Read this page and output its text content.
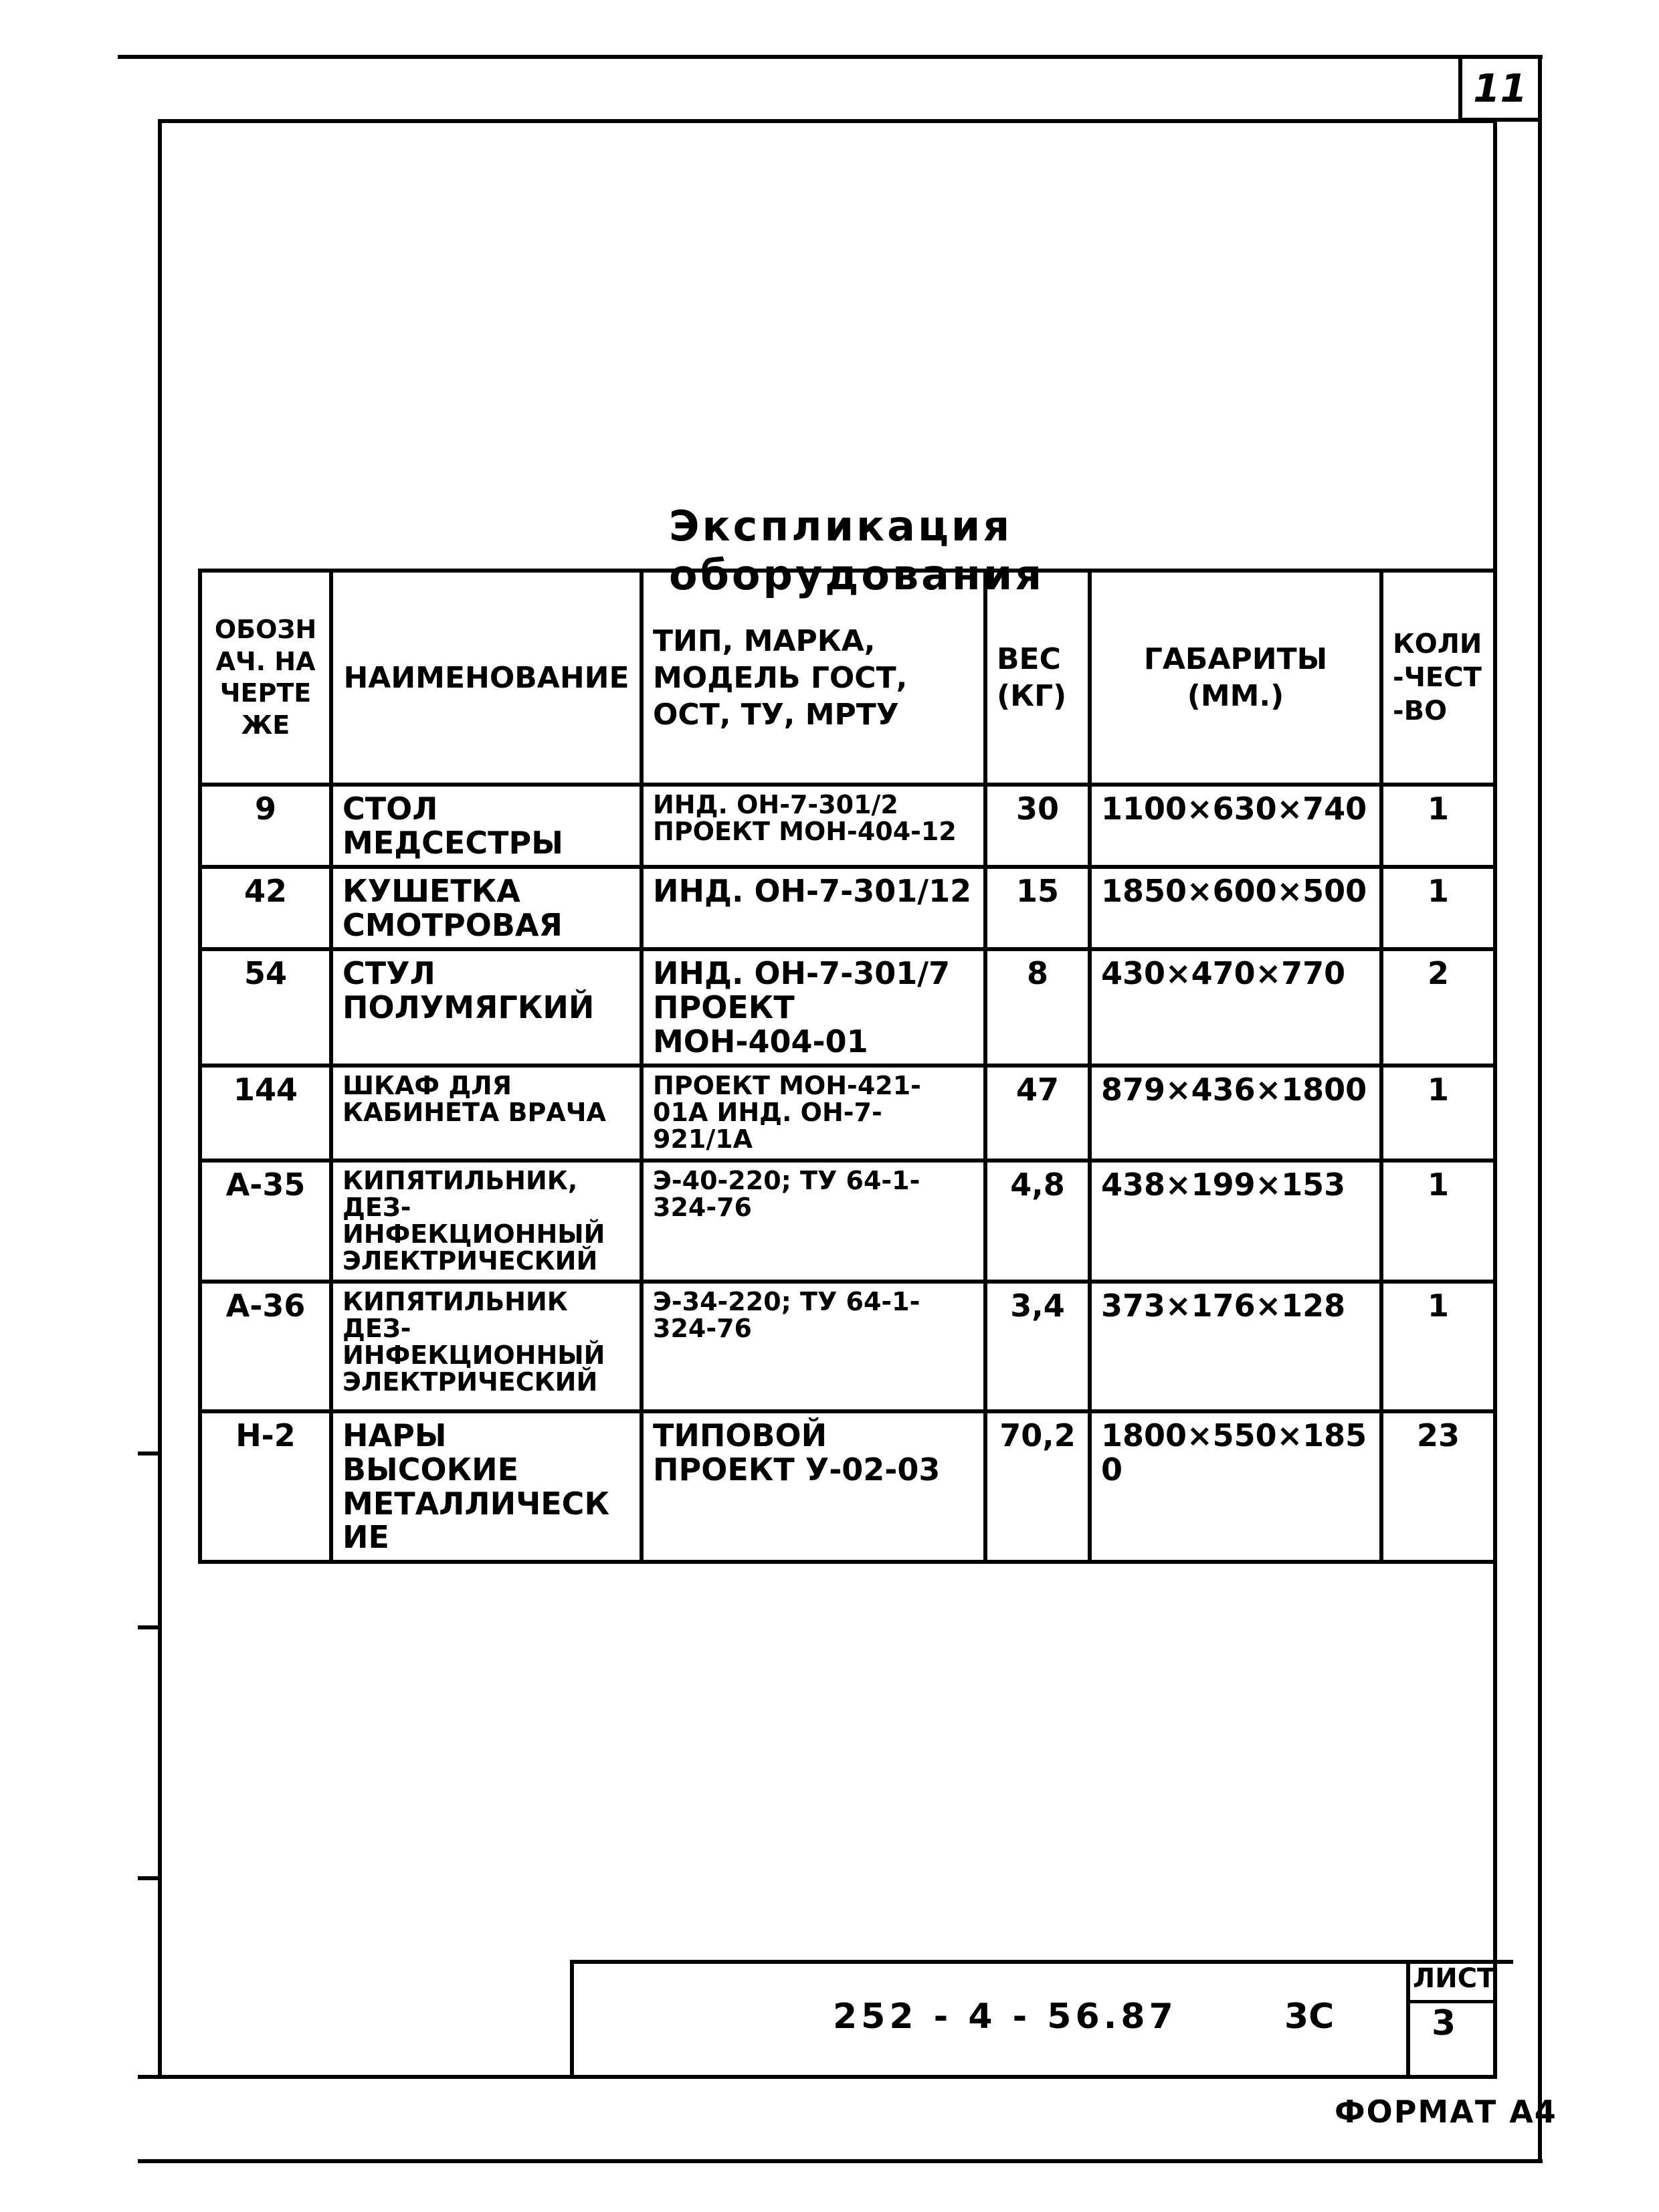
11
Экспликация оборудования
ОБОЗНАЧ. НА ЧЕРТЕЖЕ	НАИМЕНОВАНИЕ	ТИП, МАРКА, МОДЕЛЬ ГОСТ, ОСТ, ТУ, МРТУ	ВЕС (КГ)	ГАБАРИТЫ (ММ.)	КОЛИ-ЧЕСТ-ВО
9	СТОЛ МЕДСЕСТРЫ	ИНД. ОН-7-301/2 ПРОЕКТ МОН-404-12	30	1100×630×740	1
42	КУШЕТКА СМОТРОВАЯ	ИНД. ОН-7-301/12	15	1850×600×500	1
54	СТУЛ ПОЛУМЯГКИЙ	ИНД. ОН-7-301/7 ПРОЕКТ МОН-404-01	8	430×470×770	2
144	ШКАФ ДЛЯ КАБИНЕТА ВРАЧА	ПРОЕКТ МОН-421-01А ИНД. ОН-7-921/1А	47	879×436×1800	1
А-35	КИПЯТИЛЬНИК, ДЕЗ-ИНФЕКЦИОННЫЙ ЭЛЕКТРИЧЕСКИЙ	Э-40-220; ТУ 64-1-324-76	4,8	438×199×153	1
А-36	КИПЯТИЛЬНИК ДЕЗ-ИНФЕКЦИОННЫЙ ЭЛЕКТРИЧЕСКИЙ	Э-34-220; ТУ 64-1-324-76	3,4	373×176×128	1
Н-2	НАРЫ ВЫСОКИЕ МЕТАЛЛИЧЕСКИЕ	ТИПОВОЙ ПРОЕКТ У-02-03	70,2	1800×550×1850	23
252 - 4 - 56.87	3С
ЛИСТ
3
ФОРМАТ А4
